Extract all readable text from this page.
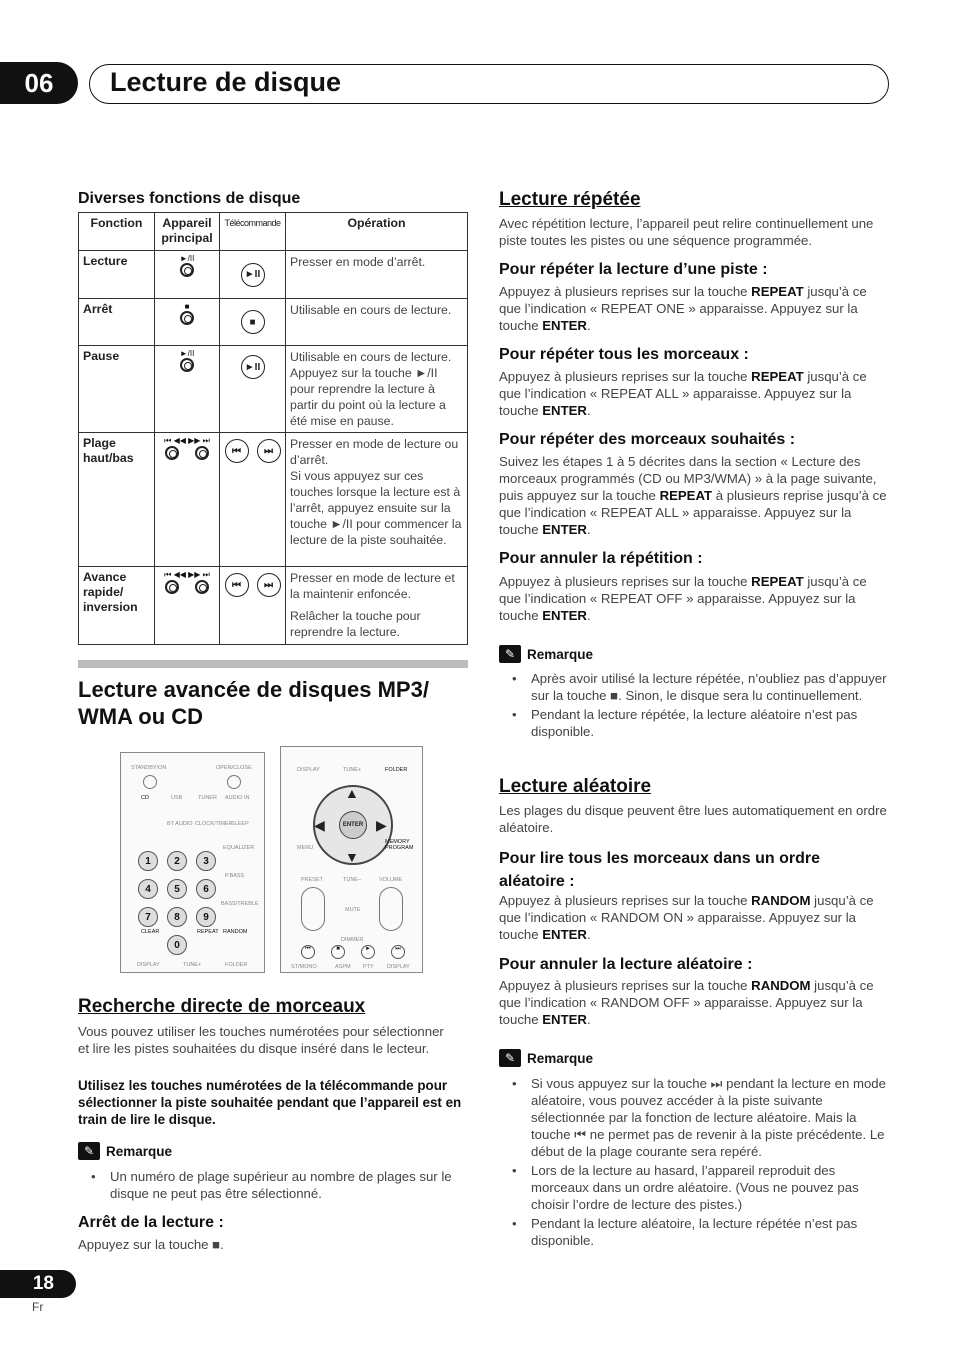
06	Lecture de disque
Diverses fonctions de disque
Fonction	Appareil principal	Télécommande	Opération
Lecture	►/II	►II	Presser en mode d’arrêt.
Arrêt	■	■	Utilisable en cours de lecture.
Pause	►/II	►II	Utilisable en cours de lecture. Appuyez sur la touche ►/II pour reprendre la lecture à partir du point où la lecture a été mise en pause.
Plage haut/bas	⏮ ◀◀ ▶▶ ⏭	⏮ ⏭	Presser en mode de lecture ou d’arrêt.
Si vous appuyez sur ces touches lorsque la lecture est à l’arrêt, appuyez ensuite sur la touche ►/II pour commencer la lecture de la piste souhaitée.

Avance rapide/ inversion	⏮ ◀◀ ▶▶ ⏭	⏮ ⏭	Presser en mode de lecture et la maintenir enfoncée.
Relâcher la touche pour reprendre la lecture.
Lecture avancée de disques MP3/ WMA ou CD
STANDBY/ON	OPEN/CLOSE
CD	USB	TUNER AUDIO IN
BT AUDIO CLOCK/TIMER
SLEEP
EQUALIZER
1	2	3
P.BASS
4	5	6
BASS/TREBLE
7	8	9
CLEAR	REPEAT RANDOM
0
DISPLAY	TUNE+	FOLDER
DISPLAY	TUNE+	FOLDER
ENTER
▲
▼
◀	▶
MEMORY PROGRAM
MENU
PRESET	TUNE–	VOLUME
MUTE
DIMMER
⏮	■	►	⏭
ST/MONO	ASPM PTY DISPLAY
Recherche directe de morceaux

Vous pouvez utiliser les touches numérotées pour sélectionner et lire les pistes souhaitées du disque inséré dans le lecteur.

Utilisez les touches numérotées de la télécommande pour sélectionner la piste souhaitée pendant que l’appareil est en train de lire le disque.

✎ Remarque
• Un numéro de plage supérieur au nombre de plages sur le disque ne peut pas être sélectionné.
Arrêt de la lecture :

Appuyez sur la touche ■.

Lecture répétée

Avec répétition lecture, l’appareil peut relire continuellement une piste toutes les pistes ou une séquence programmée.

Pour répéter la lecture d’une piste :

Appuyez à plusieurs reprises sur la touche REPEAT jusqu’à ce que l’indication « REPEAT ONE » apparaisse. Appuyez sur la touche ENTER.

Pour répéter tous les morceaux :

Appuyez à plusieurs reprises sur la touche REPEAT jusqu’à ce que l’indication « REPEAT ALL » apparaisse. Appuyez sur la touche ENTER.

Pour répéter des morceaux souhaités :

Suivez les étapes 1 à 5 décrites dans la section « Lecture des morceaux programmés (CD ou MP3/WMA) » à la page suivante, puis appuyez sur la touche REPEAT à plusieurs reprise jusqu’à ce que l’indication « REPEAT ALL » apparaisse. Appuyez sur la touche ENTER.

Pour annuler la répétition :

Appuyez à plusieurs reprises sur la touche REPEAT jusqu’à ce que l’indication « REPEAT OFF » apparaisse. Appuyez sur la touche ENTER.

✎ Remarque
• Après avoir utilisé la lecture répétée, n’oubliez pas d’appuyer sur la touche ■. Sinon, le disque sera lu continuellement.
• Pendant la lecture répétée, la lecture aléatoire n’est pas disponible.
Lecture aléatoire

Les plages du disque peuvent être lues automatiquement en ordre aléatoire.

Pour lire tous les morceaux dans un ordre aléatoire :

Appuyez à plusieurs reprises sur la touche RANDOM jusqu’à ce que l’indication « RANDOM ON » apparaisse. Appuyez sur la touche ENTER.

Pour annuler la lecture aléatoire :

Appuyez à plusieurs reprises sur la touche RANDOM jusqu’à ce que l’indication « RANDOM OFF » apparaisse. Appuyez sur la touche ENTER.

✎ Remarque
• Si vous appuyez sur la touche ⏭ pendant la lecture en mode aléatoire, vous pouvez accéder à la piste suivante sélectionnée par la fonction de lecture aléatoire. Mais la touche ⏮ ne permet pas de revenir à la piste précédente. Le début de la plage courante sera repéré.
• Lors de la lecture au hasard, l’appareil reproduit des morceaux dans un ordre aléatoire. (Vous ne pouvez pas choisir l’ordre de lecture des pistes.)
• Pendant la lecture aléatoire, la lecture répétée n’est pas disponible.
18
Fr
